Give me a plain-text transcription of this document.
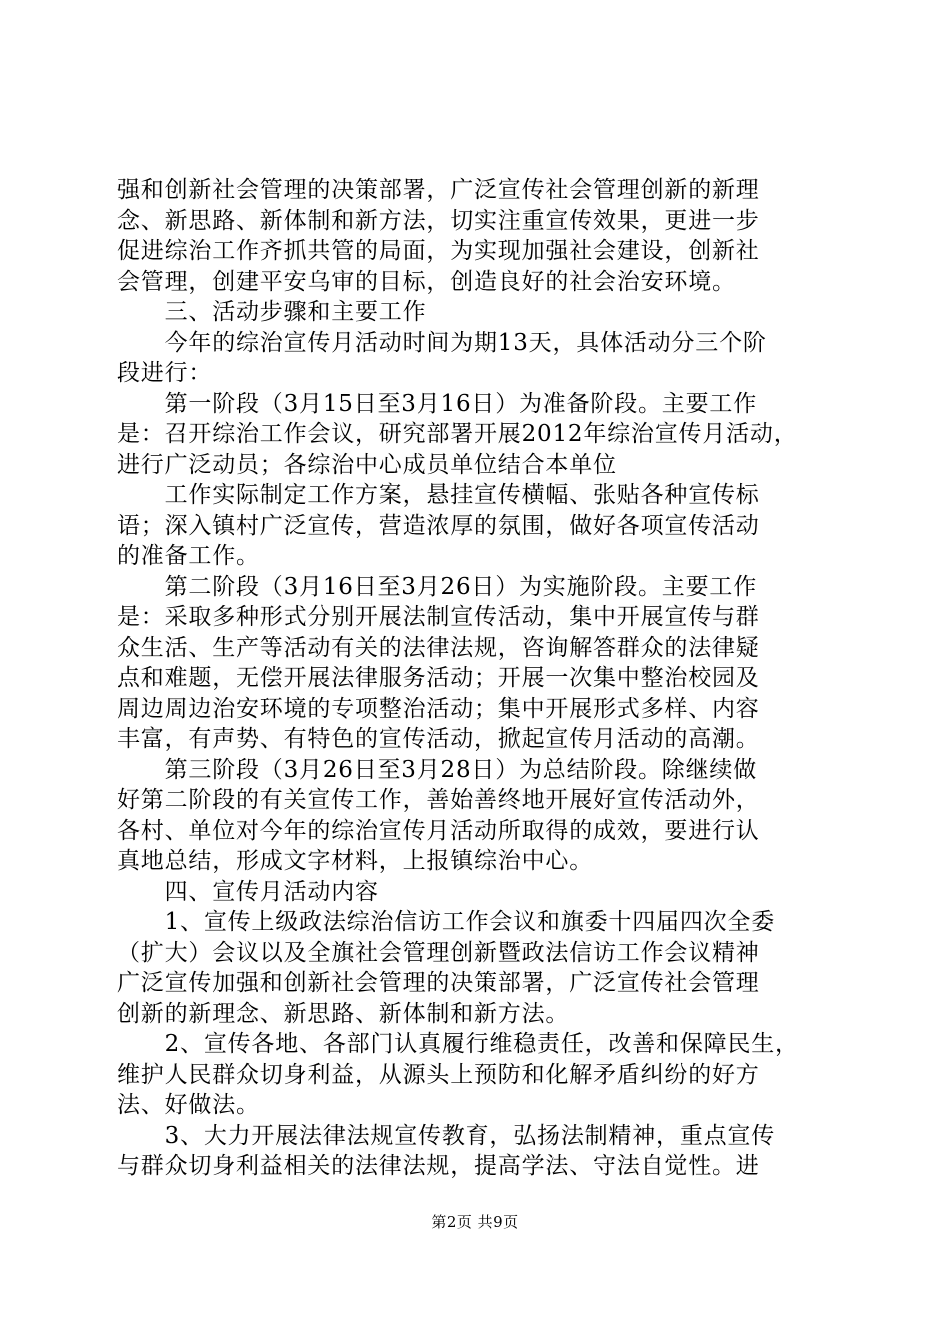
强和创新社会管理的决策部署，广泛宣传社会管理创新的新理
念、新思路、新体制和新方法，切实注重宣传效果，更进一步
促进综治工作齐抓共管的局面，为实现加强社会建设，创新社
会管理，创建平安乌审的目标，创造良好的社会治安环境。
　　三、活动步骤和主要工作
　　今年的综治宣传月活动时间为期13天，具体活动分三个阶
段进行：
　　第一阶段（3月15日至3月16日）为准备阶段。主要工作
是：召开综治工作会议，研究部署开展2012年综治宣传月活动，
进行广泛动员；各综治中心成员单位结合本单位
　　工作实际制定工作方案，悬挂宣传横幅、张贴各种宣传标
语；深入镇村广泛宣传，营造浓厚的氛围，做好各项宣传活动
的准备工作。
　　第二阶段（3月16日至3月26日）为实施阶段。主要工作
是：采取多种形式分别开展法制宣传活动，集中开展宣传与群
众生活、生产等活动有关的法律法规，咨询解答群众的法律疑
点和难题，无偿开展法律服务活动；开展一次集中整治校园及
周边周边治安环境的专项整治活动；集中开展形式多样、内容
丰富，有声势、有特色的宣传活动，掀起宣传月活动的高潮。
　　第三阶段（3月26日至3月28日）为总结阶段。除继续做
好第二阶段的有关宣传工作，善始善终地开展好宣传活动外，
各村、单位对今年的综治宣传月活动所取得的成效，要进行认
真地总结，形成文字材料，上报镇综治中心。
　　四、宣传月活动内容
　　1、宣传上级政法综治信访工作会议和旗委十四届四次全委
（扩大）会议以及全旗社会管理创新暨政法信访工作会议精神
广泛宣传加强和创新社会管理的决策部署，广泛宣传社会管理
创新的新理念、新思路、新体制和新方法。
　　2、宣传各地、各部门认真履行维稳责任，改善和保障民生，
维护人民群众切身利益，从源头上预防和化解矛盾纠纷的好方
法、好做法。
　　3、大力开展法律法规宣传教育，弘扬法制精神，重点宣传
与群众切身利益相关的法律法规，提高学法、守法自觉性。进
第2页 共9页
